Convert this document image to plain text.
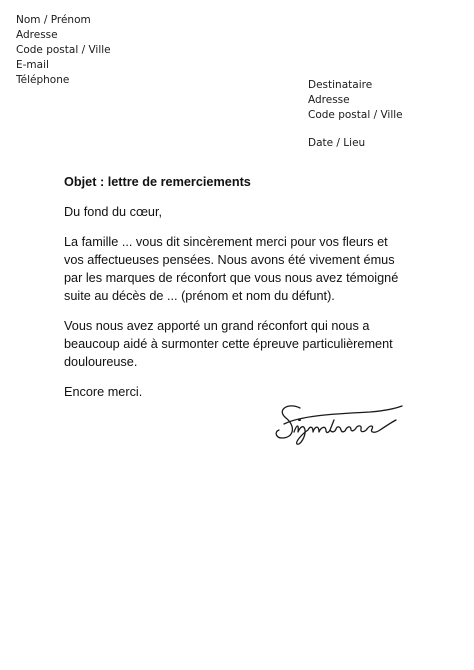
Nom / Prénom
Adresse
Code postal / Ville
E-mail
Téléphone	Destinataire
Adresse
Code postal / Ville
Date / Lieu

Objet : lettre de remerciements

Du fond du cœur,

La famille ... vous dit sincèrement merci pour vos fleurs et
vos affectueuses pensées. Nous avons été vivement émus
par les marques de réconfort que vous nous avez témoigné
suite au décès de ... (prénom et nom du défunt).

Vous nous avez apporté un grand réconfort qui nous a
beaucoup aidé à surmonter cette épreuve particulièrement
douloureuse.

Encore merci.
